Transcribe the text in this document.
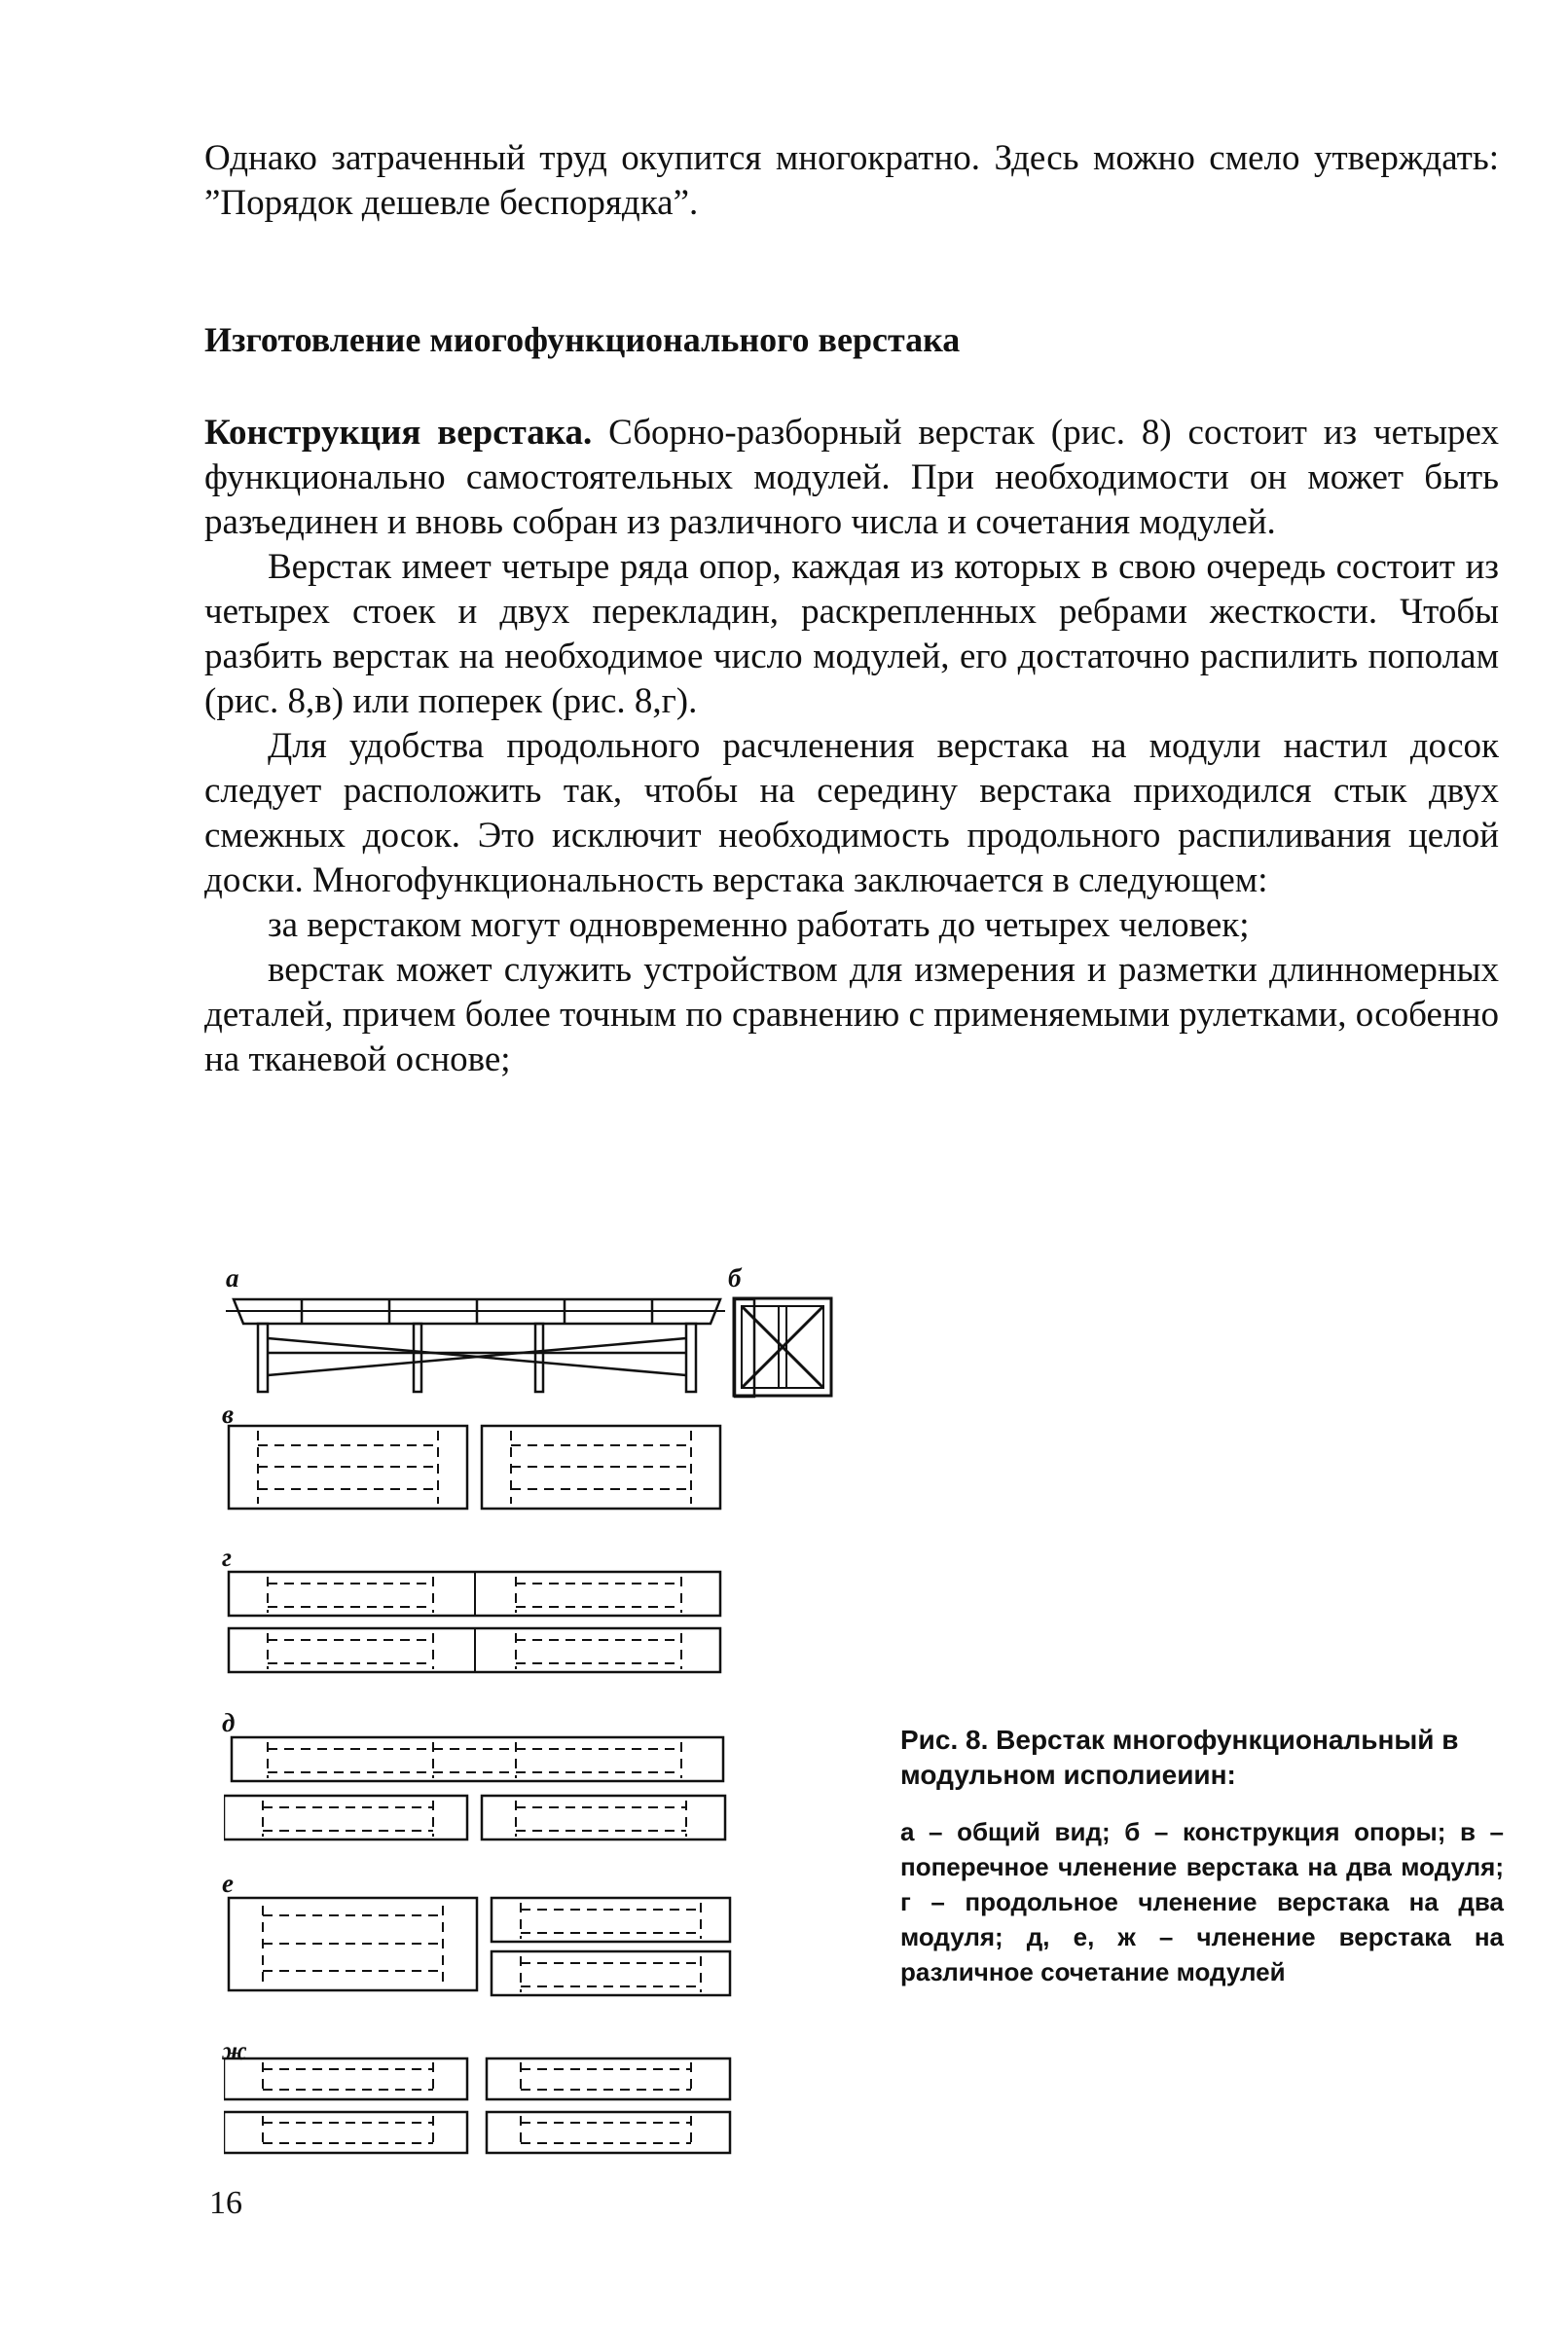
Однако затраченный труд окупится многократно. Здесь можно смело утверждать: ”Порядок дешевле беспорядка”.
Изготовление миогофункционального верстака

Конструкция верстака. Сборно-разборный верстак (рис. 8) состоит из четырех функционально самостоятельных модулей. При необходимости он может быть разъединен и вновь собран из различного числа и сочетания модулей.

Верстак имеет четыре ряда опор, каждая из которых в свою очередь состоит из четырех стоек и двух перекладин, раскрепленных ребрами жесткости. Чтобы разбить верстак на необходимое число модулей, его достаточно распилить пополам (рис. 8,в) или поперек (рис. 8,г).

Для удобства продольного расчленения верстака на модули настил досок следует расположить так, чтобы на середину верстака приходился стык двух смежных досок. Это исключит необходимость продольного распиливания целой доски. Многофункциональность верстака заключается в следующем:

за верстаком могут одновременно работать до четырех человек;

верстак может служить устройством для измерения и разметки длинномерных деталей, причем более точным по сравнению с применяемыми рулетками, особенно на тканевой основе;

а	б
в
г
д
е
ж
Рис. 8. Верстак многофункциональный в модульном исполиеиин:
а – общий вид; б – конструкция опоры; в – поперечное членение верстака на два модуля; г – продольное членение верстака на два модуля; д, е, ж – членение верстака на различное сочетание модулей
16
